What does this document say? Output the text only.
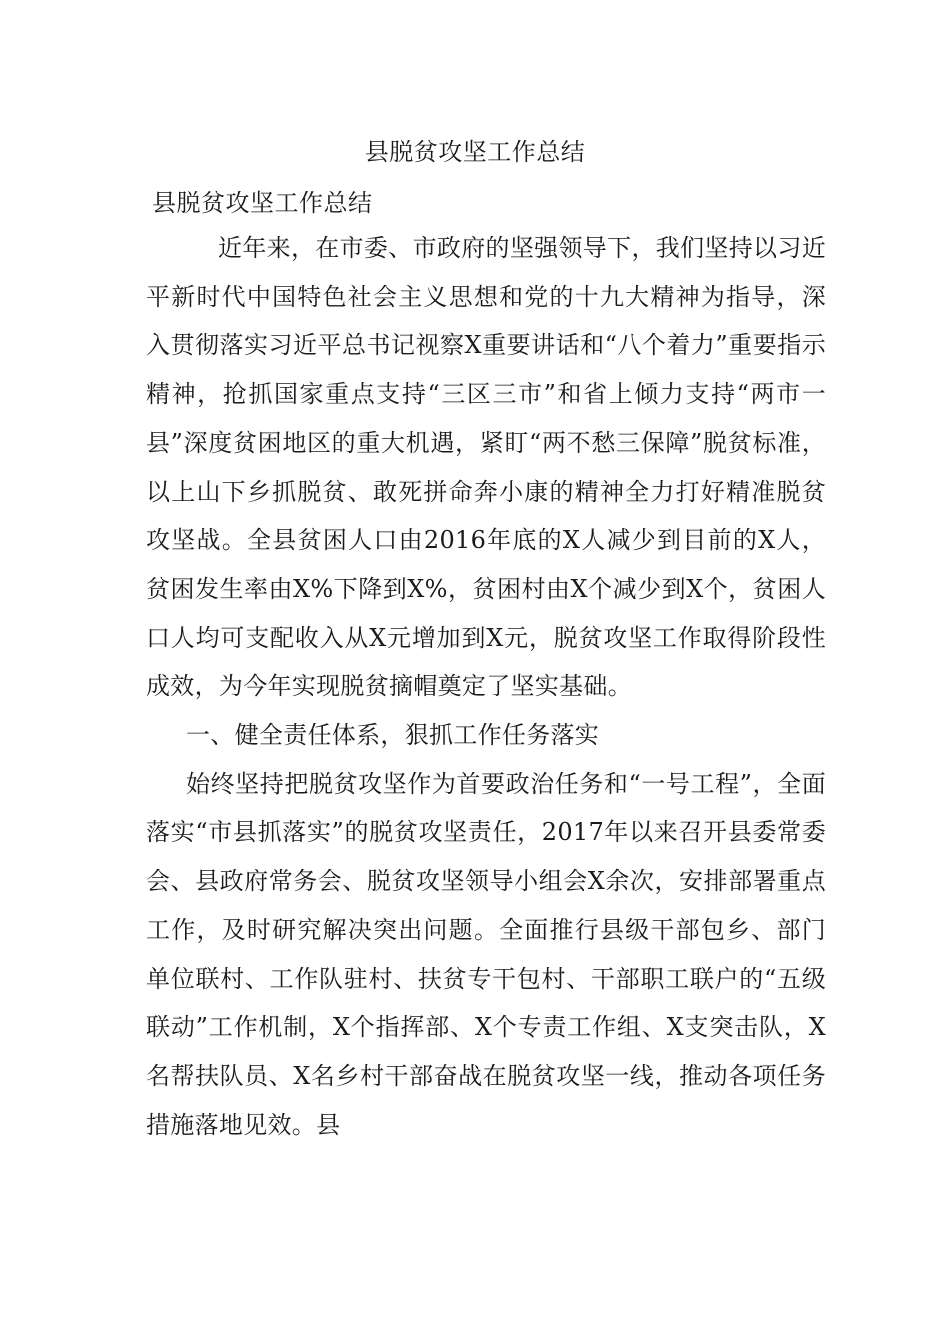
县脱贫攻坚工作总结
县脱贫攻坚工作总结

近年来，在市委、市政府的坚强领导下，我们坚持以习近平新时代中国特色社会主义思想和党的十九大精神为指导，深入贯彻落实习近平总书记视察X重要讲话和“八个着力”重要指示精神，抢抓国家重点支持“三区三市”和省上倾力支持“两市一县”深度贫困地区的重大机遇，紧盯“两不愁三保障”脱贫标准，以上山下乡抓脱贫、敢死拼命奔小康的精神全力打好精准脱贫攻坚战。全县贫困人口由2016年底的X人减少到目前的X人，贫困发生率由X%下降到X%，贫困村由X个减少到X个，贫困人口人均可支配收入从X元增加到X元，脱贫攻坚工作取得阶段性成效，为今年实现脱贫摘帽奠定了坚实基础。

一、健全责任体系，狠抓工作任务落实

始终坚持把脱贫攻坚作为首要政治任务和“一号工程”，全面落实“市县抓落实”的脱贫攻坚责任，2017年以来召开县委常委会、县政府常务会、脱贫攻坚领导小组会X余次，安排部署重点工作，及时研究解决突出问题。全面推行县级干部包乡、部门单位联村、工作队驻村、扶贫专干包村、干部职工联户的“五级联动”工作机制，X个指挥部、X个专责工作组、X支突击队，X名帮扶队员、X名乡村干部奋战在脱贫攻坚一线，推动各项任务措施落地见效。县
